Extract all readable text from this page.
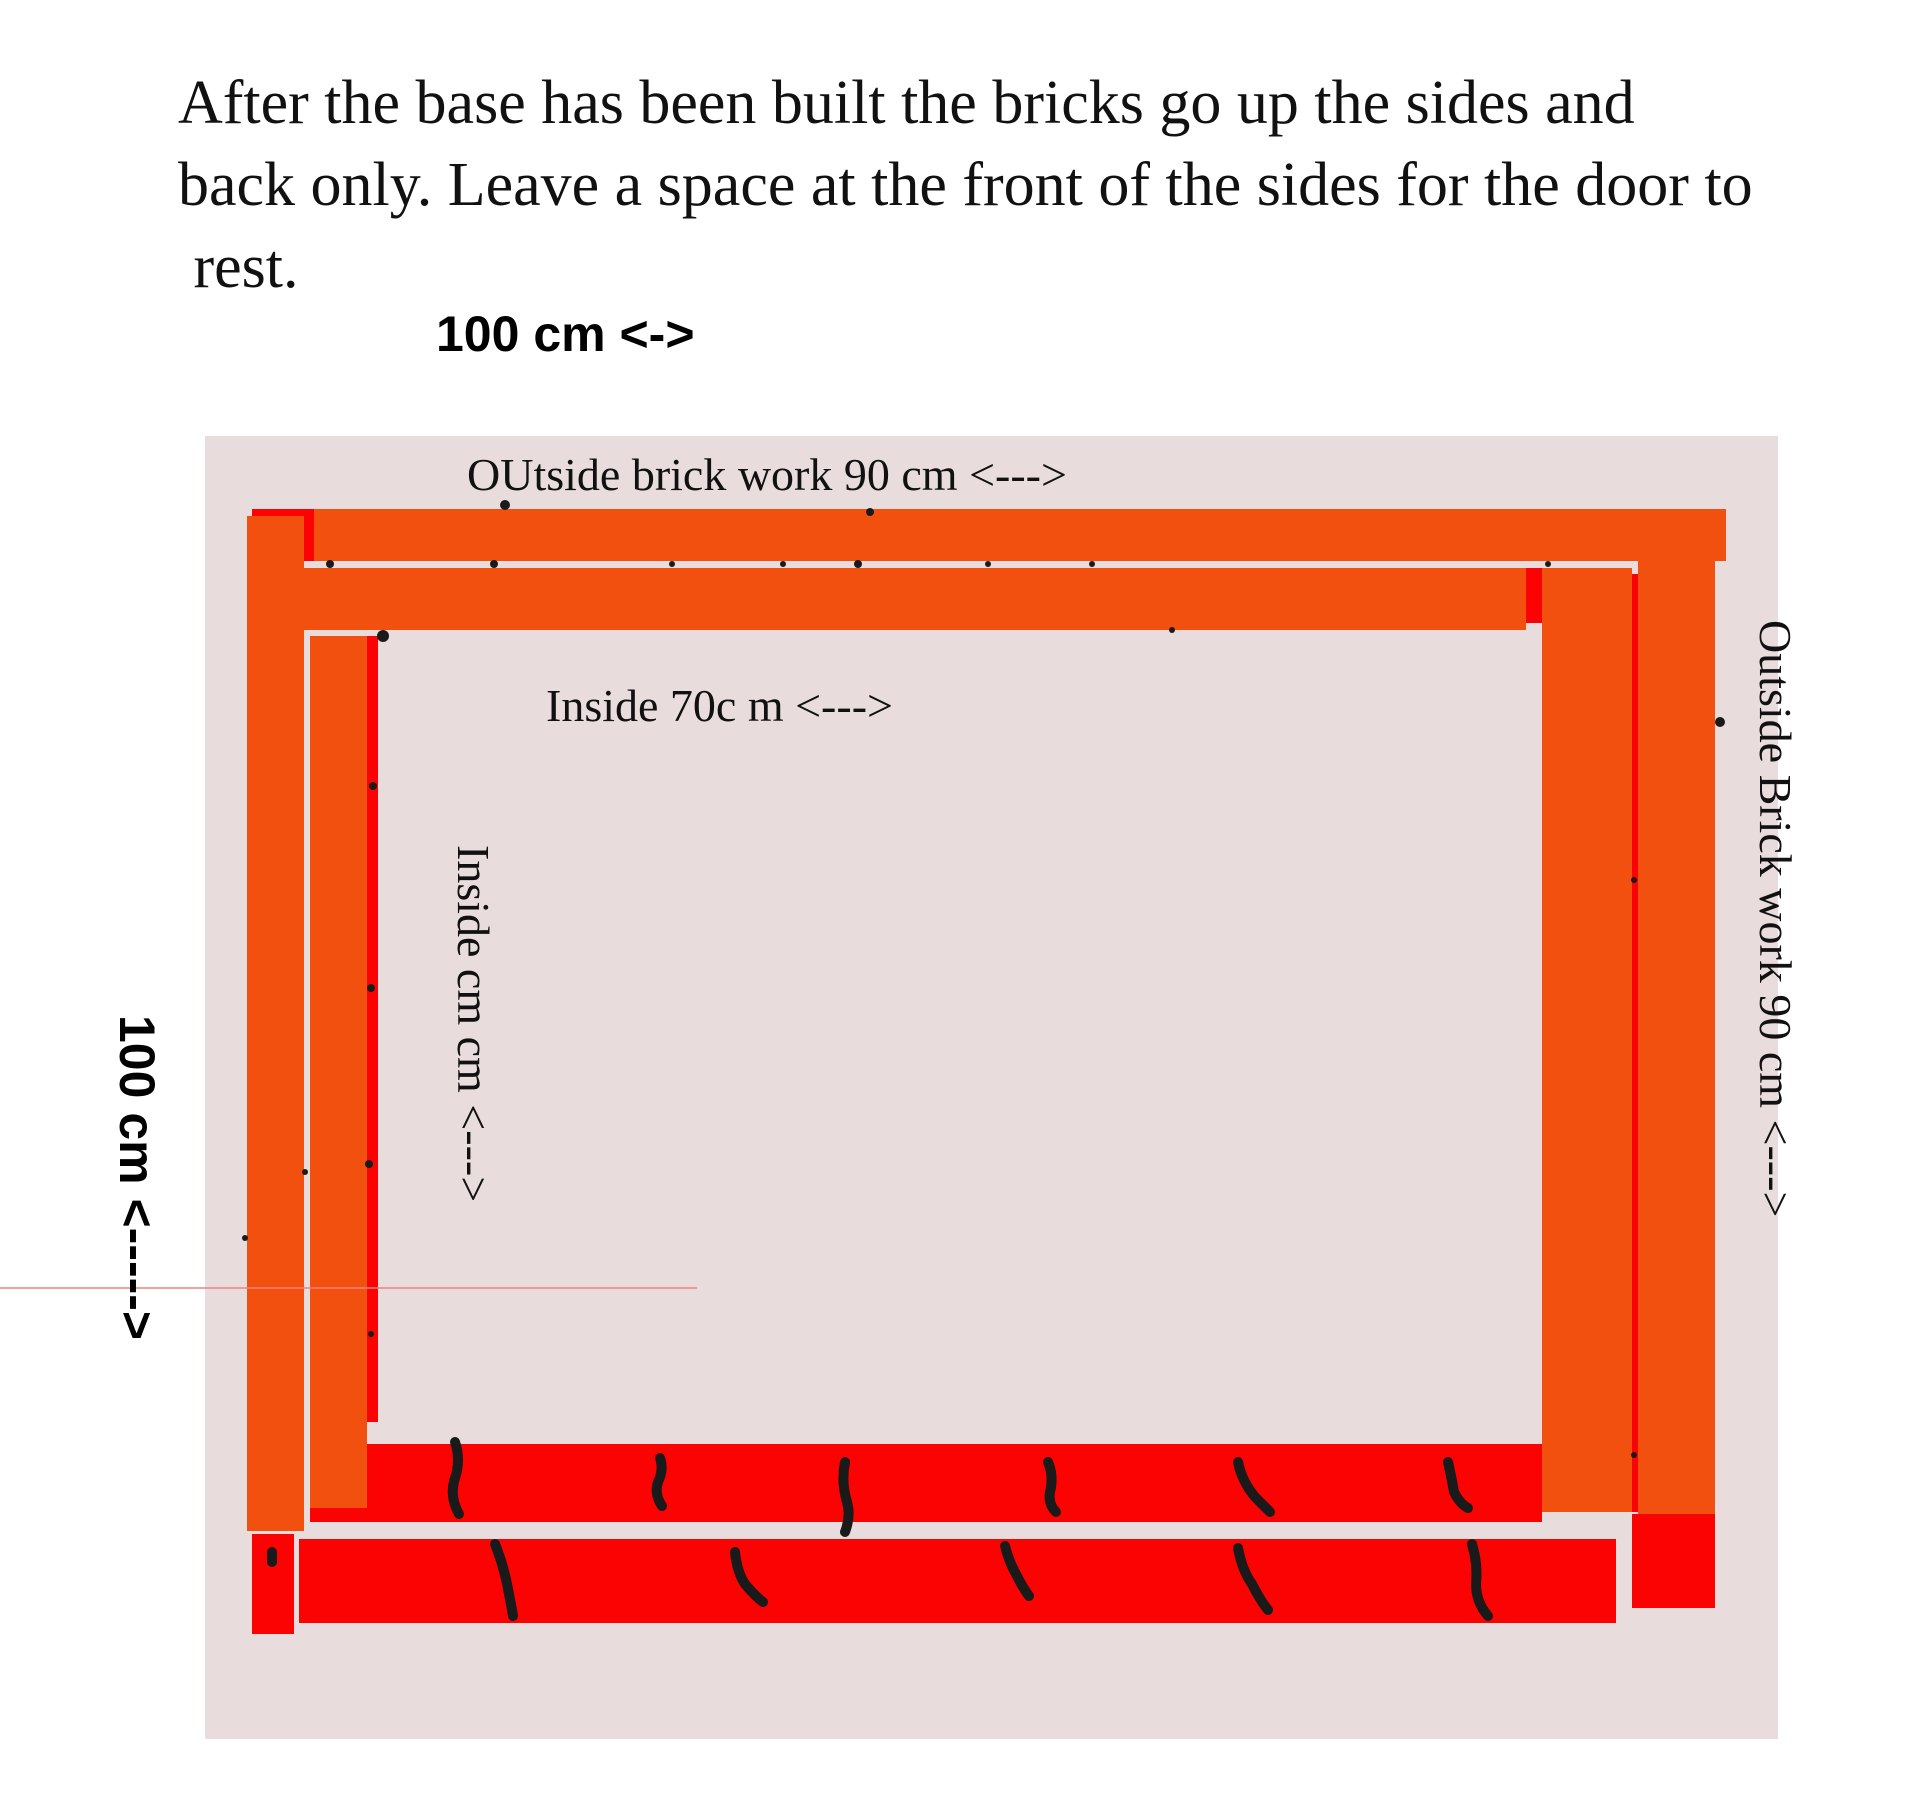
After the base has been built the bricks go up the sides and
back only. Leave a space at the front of the sides for the door to
rest.
100 cm <->
OUtside brick work 90 cm <--->
Inside 70c m <--->
Inside cm cm <--->	Outside Brick work 90 cm <--->
100 cm <----->
